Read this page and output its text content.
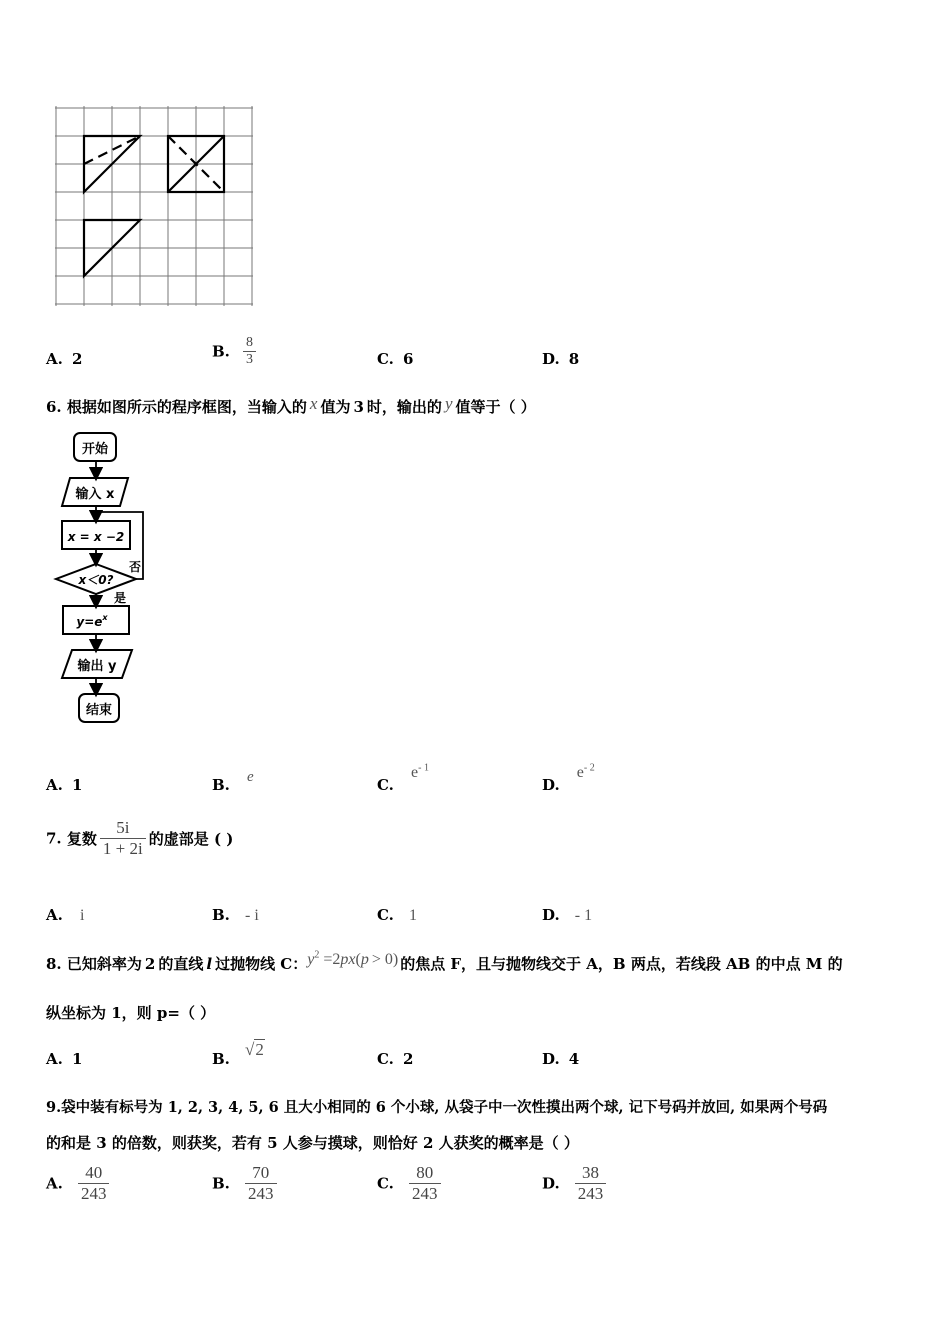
A. 2	B. $\frac{8}{3}$	C. 6	D. 8
6. 根据如图所示的程序框图，当输入的 x 值为 3 时，输出的 y 值等于（ ）
开始
输入 x
x = x −2
x＜0?
否
是
$y=e^x$
输出 y
结束
A. 1	B. e	C. $e^{- 1}$
D. $e^{- 2}$
7. 复数 $\frac{5i}{1 + 2i}$ 的虚部是 ( )
A. i	B. - i	C. 1	D. - 1
8. 已知斜率为 2 的直线 l 过抛物线 C：$y^2 =2px(p > 0)$ 的焦点 F，且与抛物线交于 A，B 两点，若线段 AB 的中点 M 的
纵坐标为 1，则 p=（ ）
A. 1	B. √2	C. 2	D. 4
9.袋中装有标号为 1, 2, 3, 4, 5, 6 且大小相同的 6 个小球, 从袋子中一次性摸出两个球, 记下号码并放回, 如果两个号码
的和是 3 的倍数，则获奖，若有 5 人参与摸球，则恰好 2 人获奖的概率是（ ）
A. $\frac{40}{243}$	B. $\frac{70}{243}$	C. $\frac{80}{243}$	D. $\frac{38}{243}$
